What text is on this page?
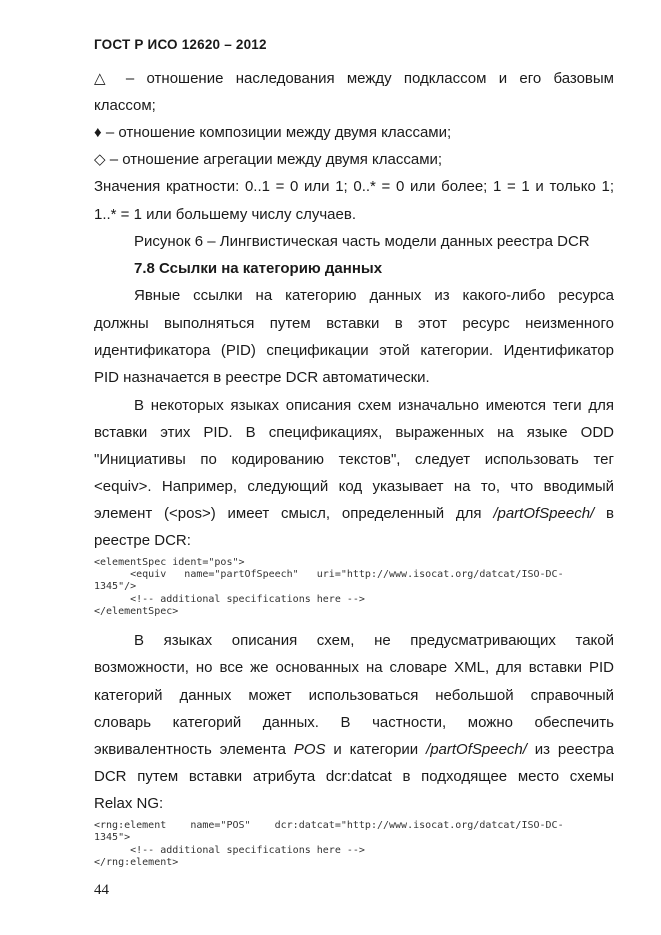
ГОСТ Р ИСО 12620 – 2012
△ – отношение наследования между подклассом и его базовым
классом;
♦ – отношение композиции между двумя классами;
◇ – отношение агрегации между двумя классами;
Значения кратности: 0..1 = 0 или 1; 0..* = 0 или более; 1 = 1 и только 1;
1..* = 1 или большему числу случаев.
Рисунок 6 – Лингвистическая часть модели данных реестра DCR
7.8 Ссылки на категорию данных
Явные ссылки на категорию данных из какого-либо ресурса
должны выполняться путем вставки в этот ресурс неизменного
идентификатора (PID) спецификации этой категории. Идентификатор
PID назначается в реестре DCR автоматически.
В некоторых языках описания схем изначально имеются теги для
вставки этих PID. В спецификациях, выраженных на языке ODD
"Инициативы по кодированию текстов", следует использовать тег
<equiv>. Например, следующий код указывает на то, что вводимый
элемент (<pos>) имеет смысл, определенный для /partOfSpeech/ в
реестре DCR:
<elementSpec ident="pos">
<equiv   name="partOfSpeech"   uri="http://www.isocat.org/datcat/ISO-DC-
1345"/>
<!-- additional specifications here -->
</elementSpec>
В языках описания схем, не предусматривающих такой
возможности, но все же основанных на словаре XML, для вставки PID
категорий данных может использоваться небольшой справочный
словарь категорий данных. В частности, можно обеспечить
эквивалентность элемента POS и категории /partOfSpeech/ из реестра
DCR путем вставки атрибута dcr:datcat в подходящее место схемы
Relax NG:
<rng:element    name="POS"    dcr:datcat="http://www.isocat.org/datcat/ISO-DC-
1345">
<!-- additional specifications here -->
</rng:element>
44
